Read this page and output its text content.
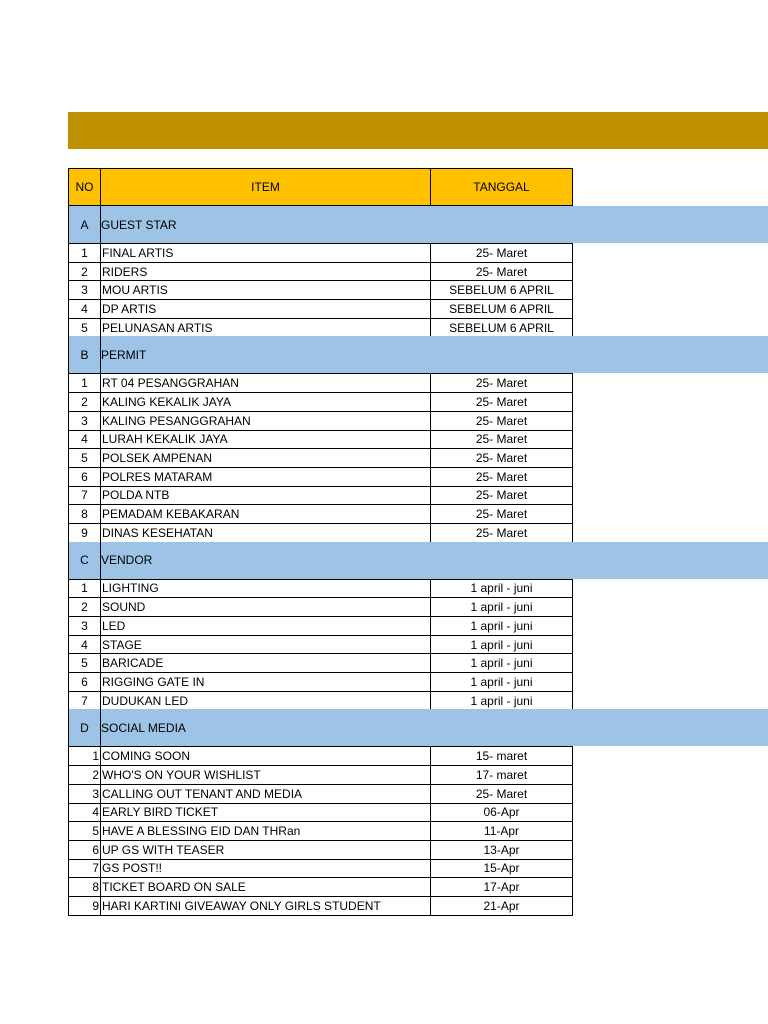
NO	ITEM	TANGGAL
A	GUEST STAR
1	FINAL ARTIS	25- Maret
2	RIDERS	25- Maret
3	MOU ARTIS	SEBELUM 6 APRIL
4	DP ARTIS	SEBELUM 6 APRIL
5	PELUNASAN ARTIS	SEBELUM 6 APRIL
B	PERMIT
1	RT 04 PESANGGRAHAN	25- Maret
2	KALING KEKALIK JAYA	25- Maret
3	KALING PESANGGRAHAN	25- Maret
4	LURAH KEKALIK JAYA	25- Maret
5	POLSEK AMPENAN	25- Maret
6	POLRES MATARAM	25- Maret
7	POLDA NTB	25- Maret
8	PEMADAM KEBAKARAN	25- Maret
9	DINAS KESEHATAN	25- Maret
C	VENDOR
1	LIGHTING	1 april - juni
2	SOUND	1 april - juni
3	LED	1 april - juni
4	STAGE	1 april - juni
5	BARICADE	1 april - juni
6	RIGGING GATE IN	1 april - juni
7	DUDUKAN LED	1 april - juni
D	SOCIAL MEDIA
1 COMING SOON	15- maret
2 WHO'S ON YOUR WISHLIST	17- maret
3 CALLING OUT TENANT AND MEDIA	25- Maret
4 EARLY BIRD TICKET	06-Apr
5 HAVE A BLESSING EID DAN THRan	11-Apr
6 UP GS WITH TEASER	13-Apr
7 GS POST!!	15-Apr
8 TICKET BOARD ON SALE	17-Apr
9 HARI KARTINI GIVEAWAY ONLY GIRLS STUDENT	21-Apr
